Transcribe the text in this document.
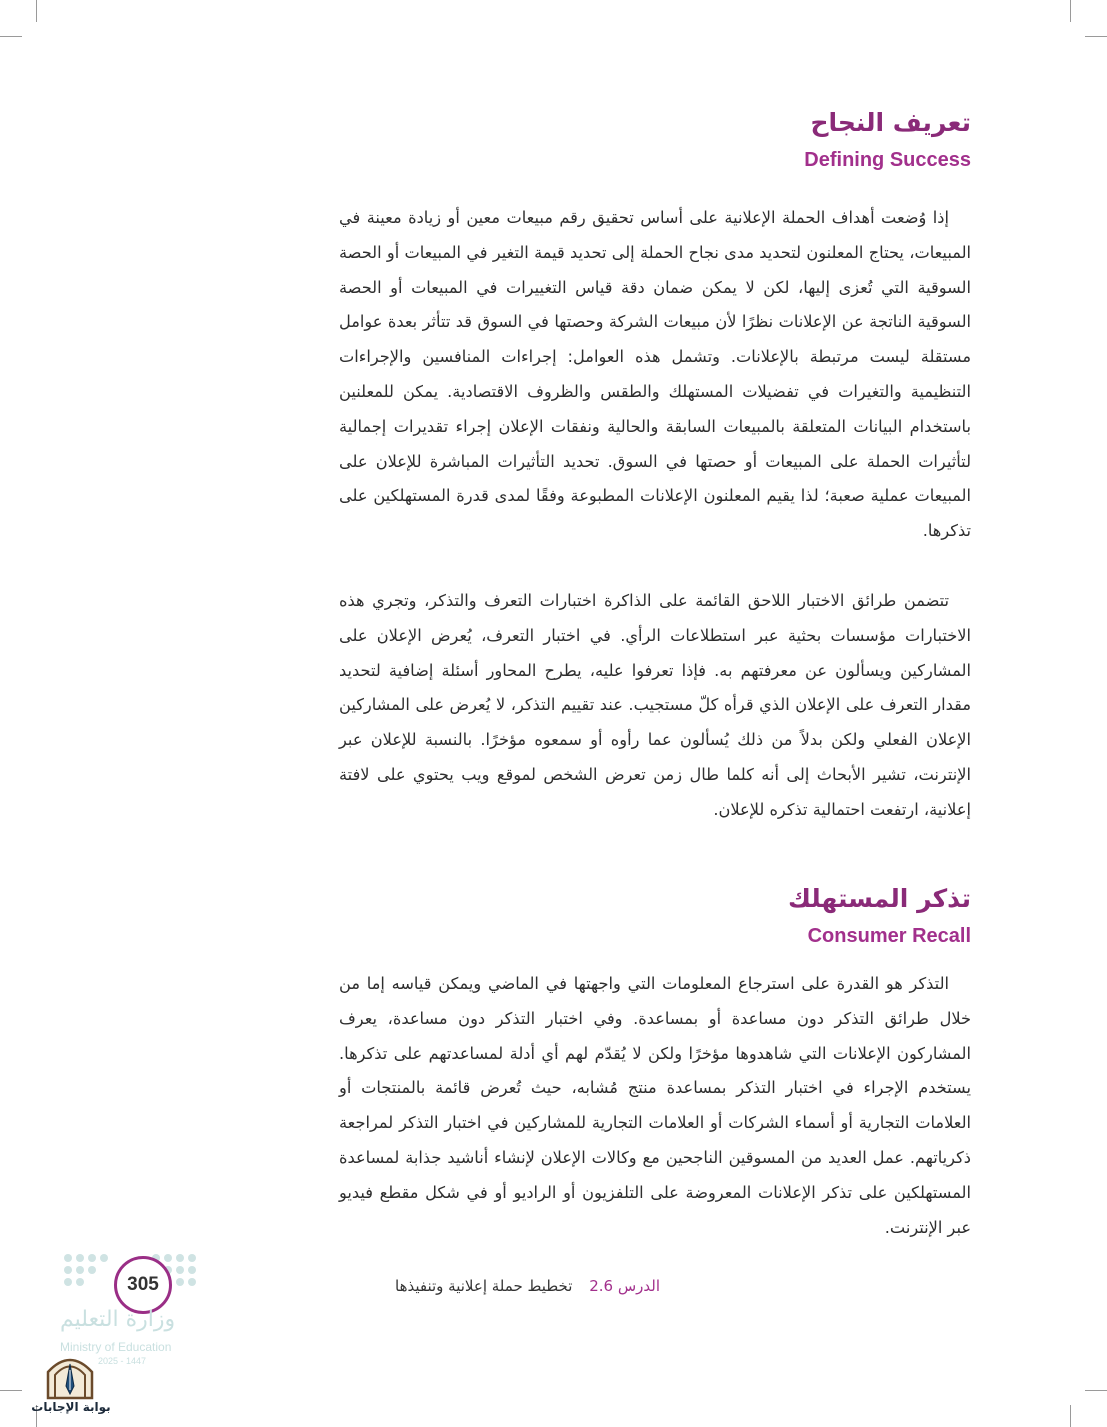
تعريف النجاح
Defining Success

إذا وُضعت أهداف الحملة الإعلانية على أساس تحقيق رقم مبيعات معين أو زيادة معينة في المبيعات، يحتاج المعلنون لتحديد مدى نجاح الحملة إلى تحديد قيمة التغير في المبيعات أو الحصة السوقية التي تُعزى إليها، لكن لا يمكن ضمان دقة قياس التغييرات في المبيعات أو الحصة السوقية الناتجة عن الإعلانات نظرًا لأن مبيعات الشركة وحصتها في السوق قد تتأثر بعدة عوامل مستقلة ليست مرتبطة بالإعلانات. وتشمل هذه العوامل: إجراءات المنافسين والإجراءات التنظيمية والتغيرات في تفضيلات المستهلك والطقس والظروف الاقتصادية. يمكن للمعلنين باستخدام البيانات المتعلقة بالمبيعات السابقة والحالية ونفقات الإعلان إجراء تقديرات إجمالية لتأثيرات الحملة على المبيعات أو حصتها في السوق. تحديد التأثيرات المباشرة للإعلان على المبيعات عملية صعبة؛ لذا يقيم المعلنون الإعلانات المطبوعة وفقًا لمدى قدرة المستهلكين على تذكرها.

تتضمن طرائق الاختبار اللاحق القائمة على الذاكرة اختبارات التعرف والتذكر، وتجري هذه الاختبارات مؤسسات بحثية عبر استطلاعات الرأي. في اختبار التعرف، يُعرض الإعلان على المشاركين ويسألون عن معرفتهم به. فإذا تعرفوا عليه، يطرح المحاور أسئلة إضافية لتحديد مقدار التعرف على الإعلان الذي قرأه كلّ مستجيب. عند تقييم التذكر، لا يُعرض على المشاركين الإعلان الفعلي ولكن بدلاً من ذلك يُسألون عما رأوه أو سمعوه مؤخرًا. بالنسبة للإعلان عبر الإنترنت، تشير الأبحاث إلى أنه كلما طال زمن تعرض الشخص لموقع ويب يحتوي على لافتة إعلانية، ارتفعت احتمالية تذكره للإعلان.

تذكر المستهلك
Consumer Recall

التذكر هو القدرة على استرجاع المعلومات التي واجهتها في الماضي ويمكن قياسه إما من خلال طرائق التذكر دون مساعدة أو بمساعدة. وفي اختبار التذكر دون مساعدة، يعرف المشاركون الإعلانات التي شاهدوها مؤخرًا ولكن لا يُقدّم لهم أي أدلة لمساعدتهم على تذكرها. يستخدم الإجراء في اختبار التذكر بمساعدة منتج مُشابه، حيث تُعرض قائمة بالمنتجات أو العلامات التجارية أو أسماء الشركات أو العلامات التجارية للمشاركين في اختبار التذكر لمراجعة ذكرياتهم. عمل العديد من المسوقين الناجحين مع وكالات الإعلان لإنشاء أناشيد جذابة لمساعدة المستهلكين على تذكر الإعلانات المعروضة على التلفزيون أو الراديو أو في شكل مقطع فيديو عبر الإنترنت.

الدرس 2.6 تخطيط حملة إعلانية وتنفيذها
305
وزارة التعليم
Ministry of Education
2025 - 1447
بوابة الإجابات
